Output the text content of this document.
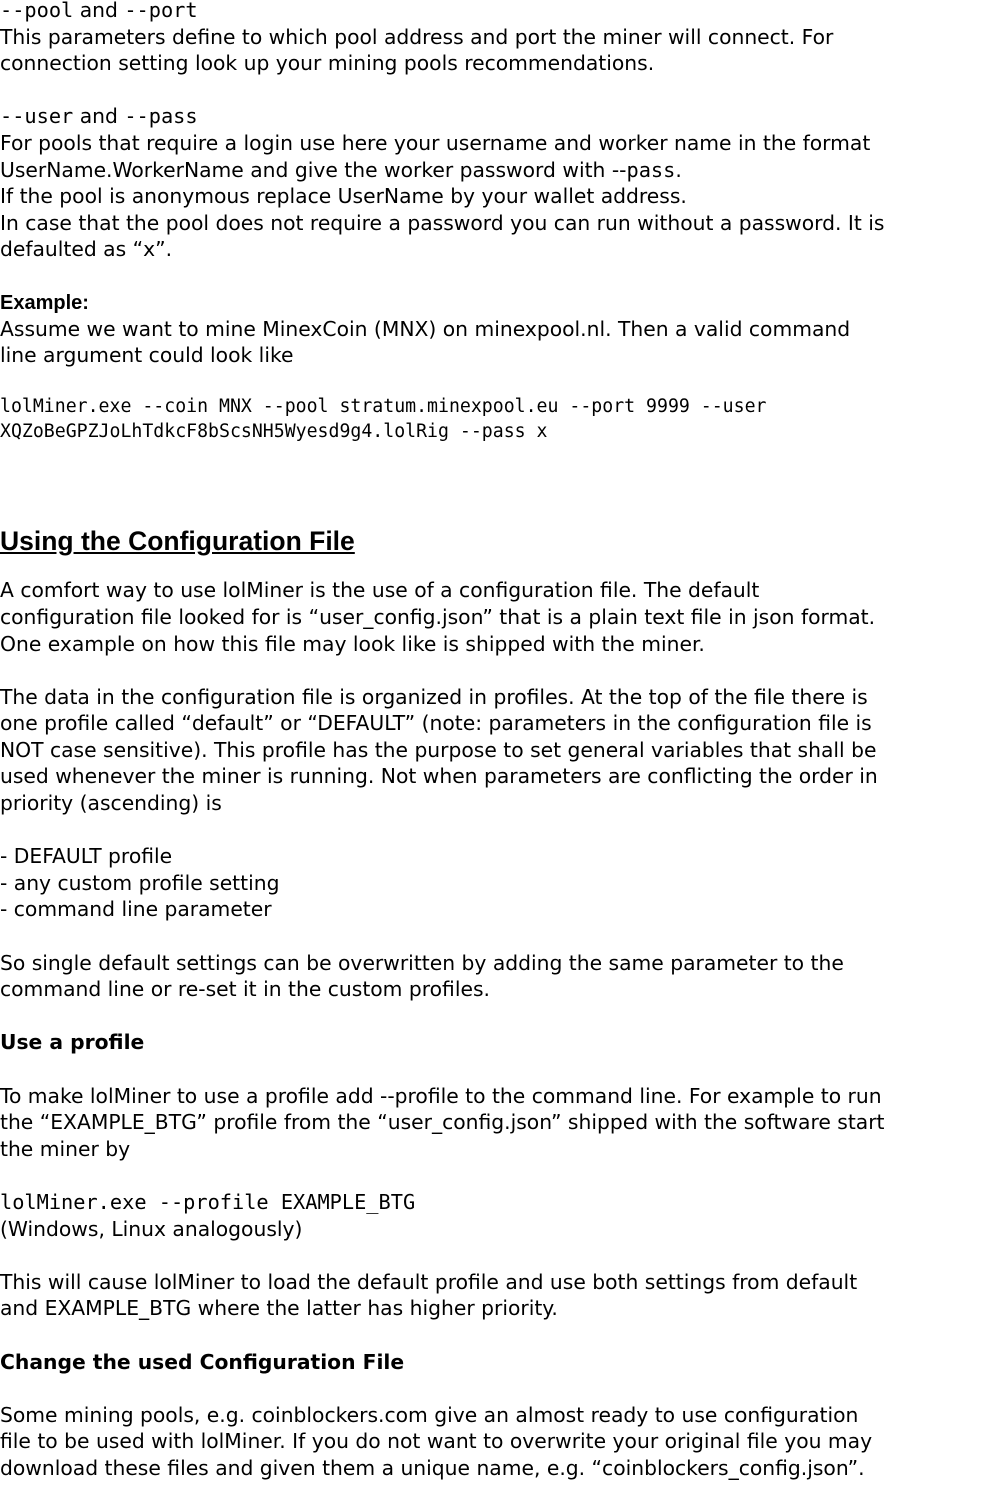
--pool and --port

This parameters define to which pool address and port the miner will connect. For

connection setting look up your mining pools recommendations.

--user and --pass

For pools that require a login use here your username and worker name in the format

UserName.WorkerName and give the worker password with --pass.

If the pool is anonymous replace UserName by your wallet address.

In case that the pool does not require a password you can run without a password. It is

defaulted as “x”.

Example:

Assume we want to mine MinexCoin (MNX) on minexpool.nl. Then a valid command

line argument could look like

lolMiner.exe --coin MNX --pool stratum.minexpool.eu --port 9999 --user

XQZoBeGPZJoLhTdkcF8bScsNH5Wyesd9g4.lolRig --pass x

Using the Configuration File

A comfort way to use lolMiner is the use of a configuration file. The default

configuration file looked for is “user_config.json” that is a plain text file in json format.

One example on how this file may look like is shipped with the miner.

The data in the configuration file is organized in profiles. At the top of the file there is

one profile called “default” or “DEFAULT” (note: parameters in the configuration file is

NOT case sensitive). This profile has the purpose to set general variables that shall be

used whenever the miner is running. Not when parameters are conflicting the order in

priority (ascending) is

- DEFAULT profile

- any custom profile setting

- command line parameter

So single default settings can be overwritten by adding the same parameter to the

command line or re-set it in the custom profiles.

Use a profile

To make lolMiner to use a profile add --profile to the command line. For example to run

the “EXAMPLE_BTG” profile from the “user_config.json” shipped with the software start

the miner by

lolMiner.exe --profile EXAMPLE_BTG

(Windows, Linux analogously)

This will cause lolMiner to load the default profile and use both settings from default

and EXAMPLE_BTG where the latter has higher priority.

Change the used Configuration File

Some mining pools, e.g. coinblockers.com give an almost ready to use configuration

file to be used with lolMiner. If you do not want to overwrite your original file you may

download these files and given them a unique name, e.g. “coinblockers_config.json”.
